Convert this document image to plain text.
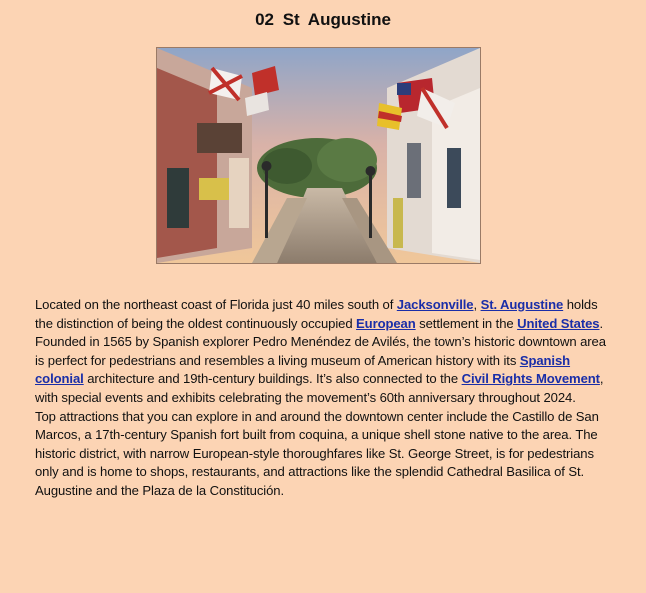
02 St Augustine

Located on the northeast coast of Florida just 40 miles south of Jacksonville, St. Augustine holds the distinction of being the oldest continuously occupied European settlement in the United States. Founded in 1565 by Spanish explorer Pedro Menéndez de Avilés, the town’s historic downtown area is perfect for pedestrians and resembles a living museum of American history with its Spanish colonial architecture and 19th-century buildings. It’s also connected to the Civil Rights Movement, with special events and exhibits celebrating the movement’s 60th anniversary throughout 2024.

Top attractions that you can explore in and around the downtown center include the Castillo de San Marcos, a 17th-century Spanish fort built from coquina, a unique shell stone native to the area. The historic district, with narrow European-style thoroughfares like St. George Street, is for pedestrians only and is home to shops, restaurants, and attractions like the splendid Cathedral Basilica of St. Augustine and the Plaza de la Constitución.
